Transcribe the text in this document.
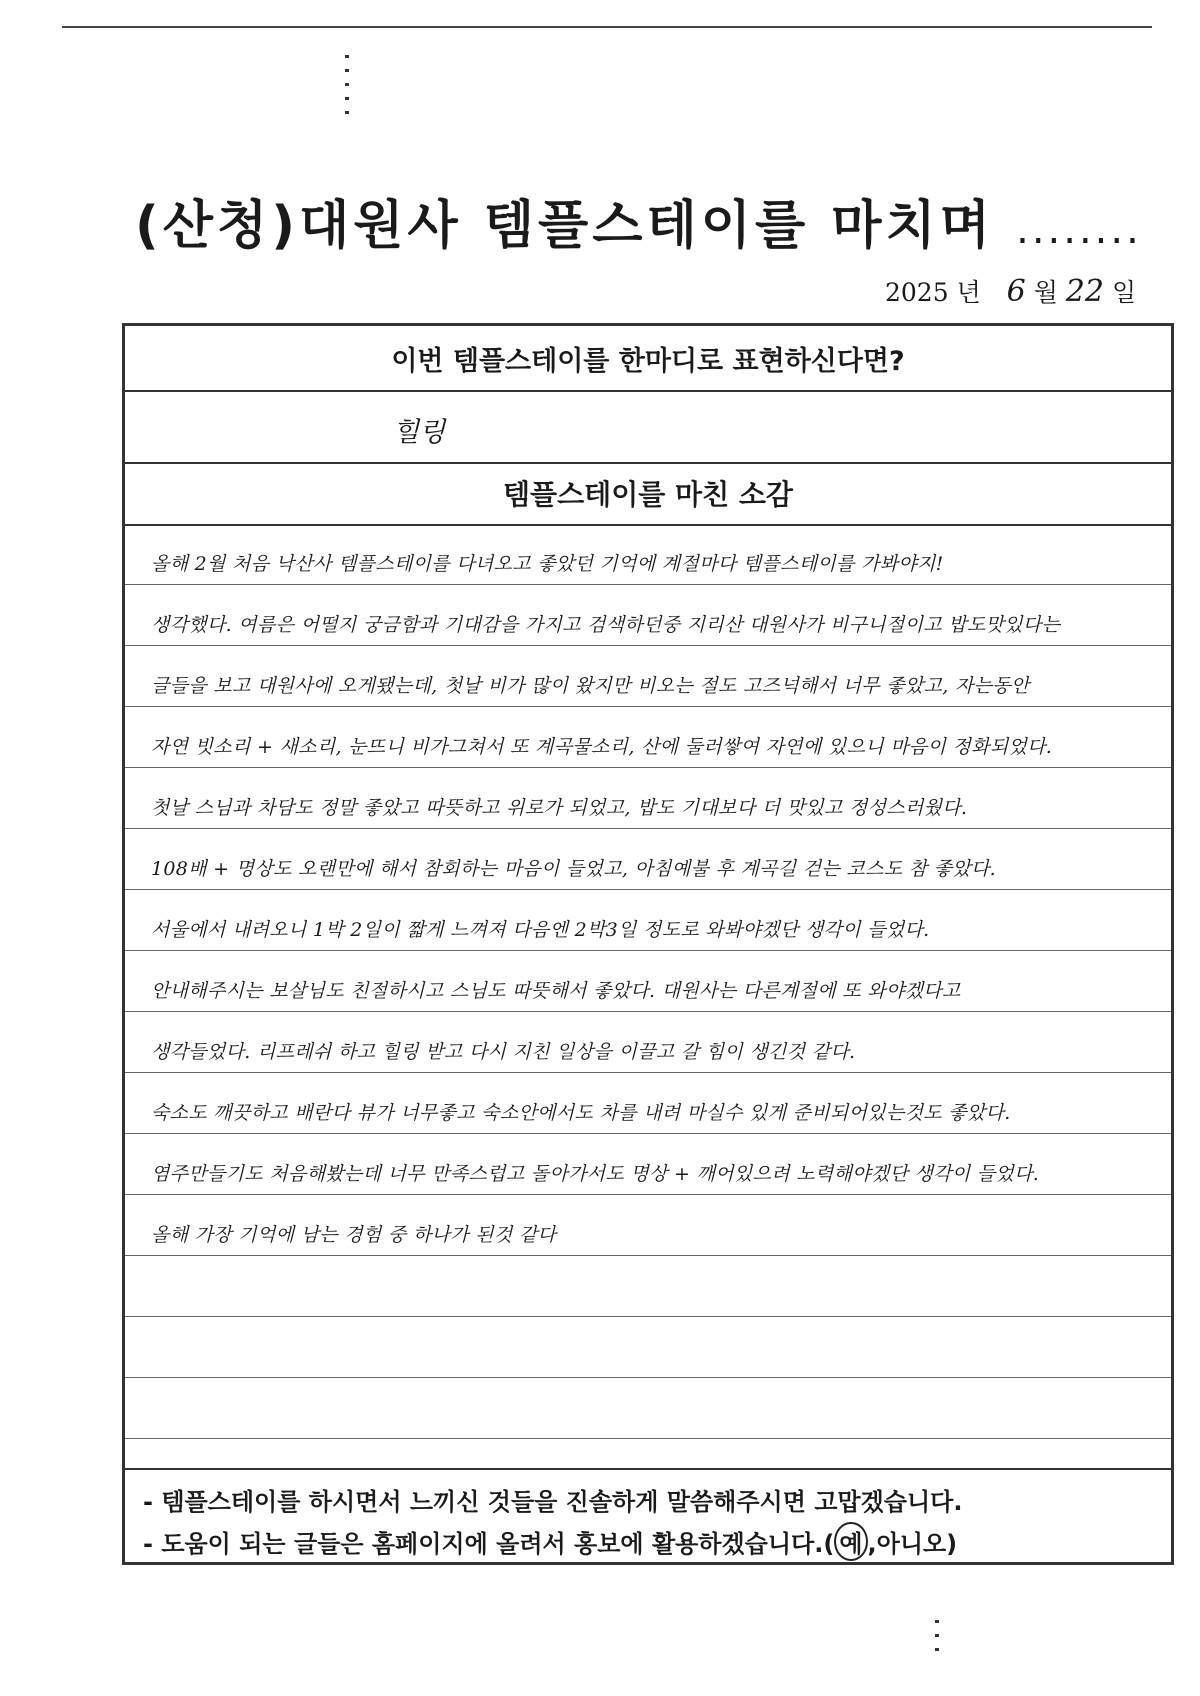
(산청)대원사 템플스테이를 마치며 ........
2025 년 6 월 22 일
이번 템플스테이를 한마디로 표현하신다면?
힐링
템플스테이를 마친 소감
올해 2월 처음 낙산사 템플스테이를 다녀오고 좋았던 기억에 계절마다 템플스테이를 가봐야지!
생각했다. 여름은 어떨지 궁금함과 기대감을 가지고 검색하던중 지리산 대원사가 비구니절이고 밥도맛있다는
글들을 보고 대원사에 오게됐는데, 첫날 비가 많이 왔지만 비오는 절도 고즈넉해서 너무 좋았고, 자는동안
자연 빗소리 + 새소리, 눈뜨니 비가그쳐서 또 계곡물소리, 산에 둘러쌓여 자연에 있으니 마음이 정화되었다.
첫날 스님과 차담도 정말 좋았고 따뜻하고 위로가 되었고, 밥도 기대보다 더 맛있고 정성스러웠다.
108배 + 명상도 오랜만에 해서 참회하는 마음이 들었고, 아침예불 후 계곡길 걷는 코스도 참 좋았다.
서울에서 내려오니 1박 2일이 짧게 느껴져 다음엔 2박3일 정도로 와봐야겠단 생각이 들었다.
안내해주시는 보살님도 친절하시고 스님도 따뜻해서 좋았다. 대원사는 다른계절에 또 와야겠다고
생각들었다. 리프레쉬 하고 힐링 받고 다시 지친 일상을 이끌고 갈 힘이 생긴것 같다.
숙소도 깨끗하고 배란다 뷰가 너무좋고 숙소안에서도 차를 내려 마실수 있게 준비되어있는것도 좋았다.
염주만들기도 처음해봤는데 너무 만족스럽고 돌아가서도 명상 + 깨어있으려 노력해야겠단 생각이 들었다.
올해 가장 기억에 남는 경험 중 하나가 된것 같다
- 템플스테이를 하시면서 느끼신 것들을 진솔하게 말씀해주시면 고맙겠습니다.
- 도움이 되는 글들은 홈페이지에 올려서 홍보에 활용하겠습니다.( 예 ,아니오)
